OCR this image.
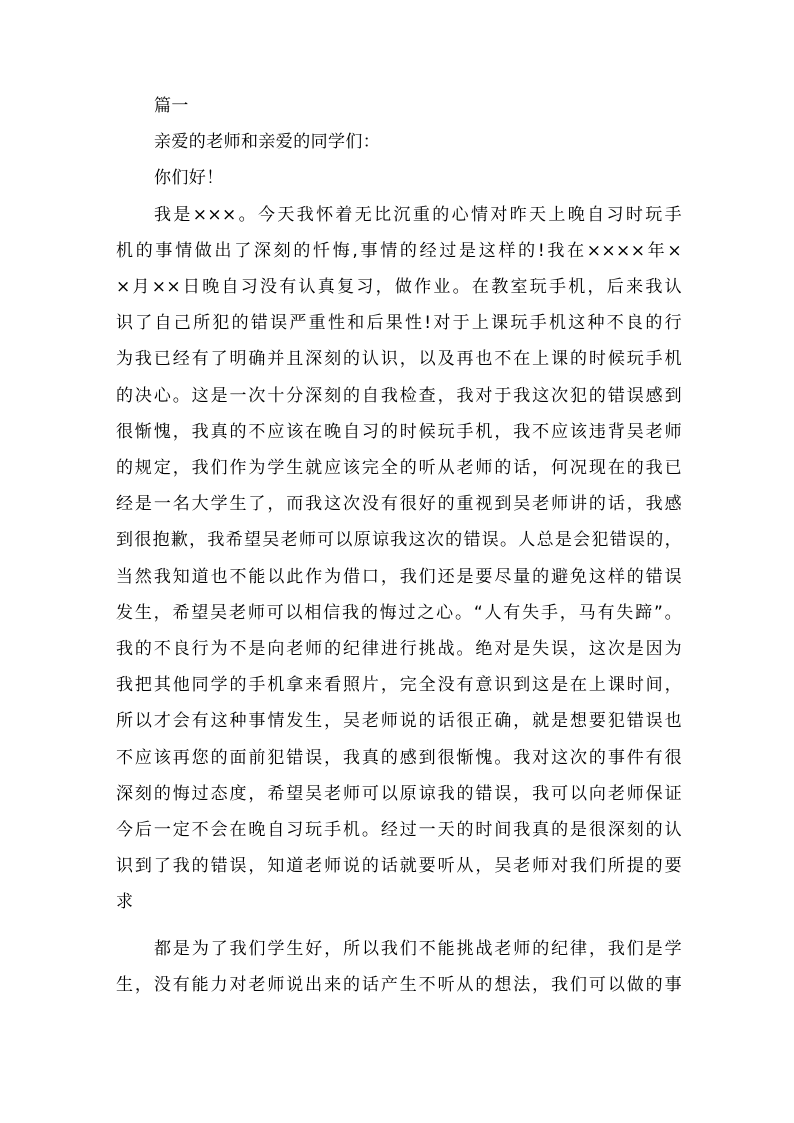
篇一

亲爱的老师和亲爱的同学们：

你们好！

我是×××。今天我怀着无比沉重的心情对昨天上晚自习时玩手

机的事情做出了深刻的忏悔,事情的经过是这样的!我在××××年×

×月××日晚自习没有认真复习，做作业。在教室玩手机，后来我认

识了自己所犯的错误严重性和后果性!对于上课玩手机这种不良的行

为我已经有了明确并且深刻的认识，以及再也不在上课的时候玩手机

的决心。这是一次十分深刻的自我检查，我对于我这次犯的错误感到

很惭愧，我真的不应该在晚自习的时候玩手机，我不应该违背吴老师

的规定，我们作为学生就应该完全的听从老师的话，何况现在的我已

经是一名大学生了，而我这次没有很好的重视到吴老师讲的话，我感

到很抱歉，我希望吴老师可以原谅我这次的错误。人总是会犯错误的，

当然我知道也不能以此作为借口，我们还是要尽量的避免这样的错误

发生，希望吴老师可以相信我的悔过之心。“人有失手，马有失蹄”。

我的不良行为不是向老师的纪律进行挑战。绝对是失误，这次是因为

我把其他同学的手机拿来看照片，完全没有意识到这是在上课时间，

所以才会有这种事情发生，吴老师说的话很正确，就是想要犯错误也

不应该再您的面前犯错误，我真的感到很惭愧。我对这次的事件有很

深刻的悔过态度，希望吴老师可以原谅我的错误，我可以向老师保证

今后一定不会在晚自习玩手机。经过一天的时间我真的是很深刻的认

识到了我的错误，知道老师说的话就要听从，吴老师对我们所提的要

求

都是为了我们学生好，所以我们不能挑战老师的纪律，我们是学

生，没有能力对老师说出来的话产生不听从的想法，我们可以做的事
